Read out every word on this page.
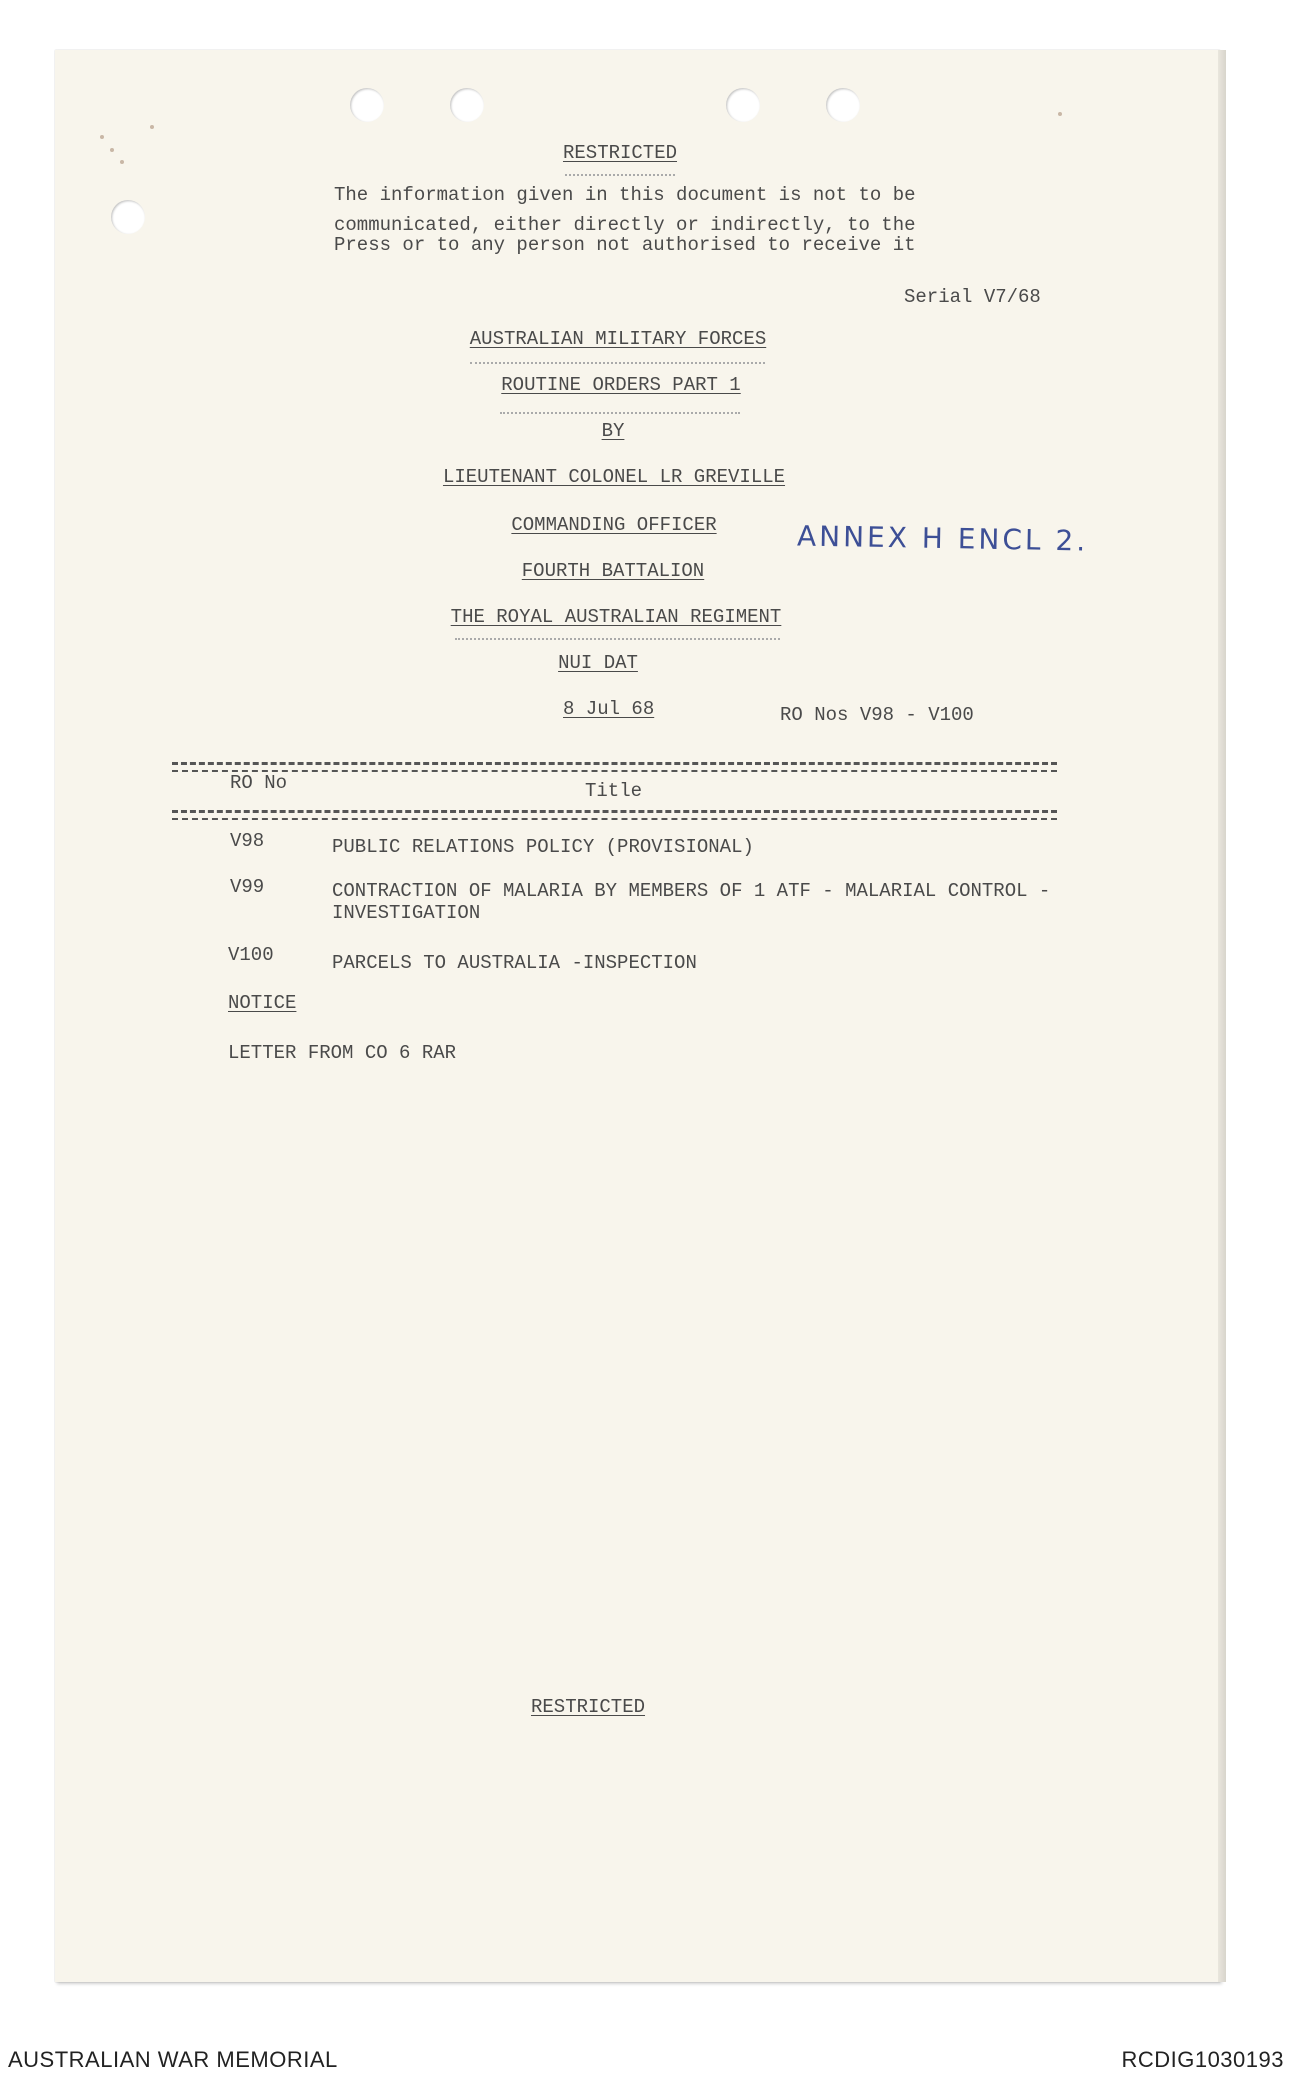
RESTRICTED
The information given in this document is not to be
communicated, either directly or indirectly, to the
Press or to any person not authorised to receive it
Serial V7/68
AUSTRALIAN MILITARY FORCES
ROUTINE ORDERS PART 1
BY
LIEUTENANT COLONEL LR GREVILLE
COMMANDING OFFICER
FOURTH BATTALION
THE ROYAL AUSTRALIAN REGIMENT
NUI DAT
8 Jul 68	RO Nos V98 - V100
ANNEX H ENCL 2.
RO No	Title
V98	PUBLIC RELATIONS POLICY (PROVISIONAL)
V99	CONTRACTION OF MALARIA BY MEMBERS OF 1 ATF - MALARIAL CONTROL -
INVESTIGATION
V100	PARCELS TO AUSTRALIA -INSPECTION
NOTICE
LETTER FROM CO 6 RAR
RESTRICTED
AUSTRALIAN WAR MEMORIAL	RCDIG1030193
